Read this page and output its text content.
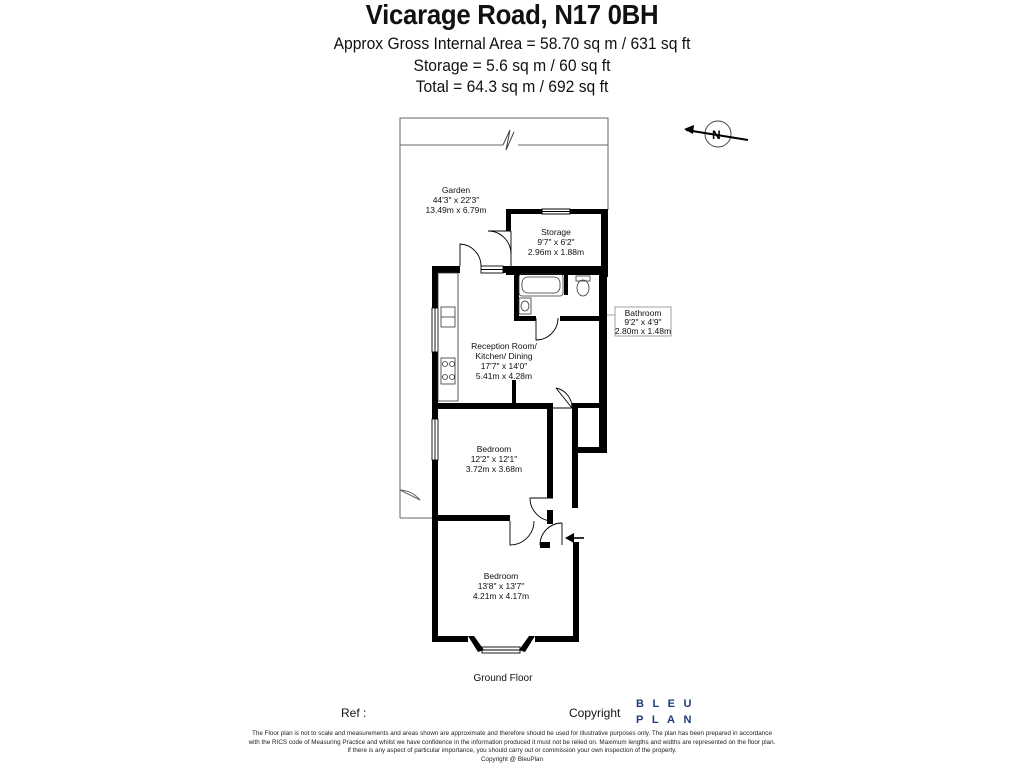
Vicarage Road, N17 0BH
Approx Gross Internal Area = 58.70 sq m / 631 sq ft
Storage = 5.6 sq m / 60 sq ft
Total = 64.3 sq m / 692 sq ft
N
Garden
44'3" x 22'3"
13.49m x 6.79m
Storage
9'7" x 6'2"
2.96m x 1.88m
Bathroom
9'2" x 4'9"
2.80m x 1.48m
Reception Room/
Kitchen/ Dining
17'7" x 14'0"
5.41m x 4.28m
Bedroom
12'2" x 12'1"
3.72m x 3.68m
Bedroom
13'8" x 13'7"
4.21m x 4.17m
Ground Floor
Ref :	Copyright
BLEU
PLAN
The Floor plan is not to scale and measurements and areas shown are approximate and therefore should be used for illustrative purposes only. The plan has been prepared in accordance
with the RICS code of Measuring Practice and whilst we have confidence in the information produced it must not be relied on. Maximum lengths and widths are represented on the floor plan.
If there is any aspect of particular importance, you should carry out or commission your own inspection of the property.
Copyright @ BleuPlan
